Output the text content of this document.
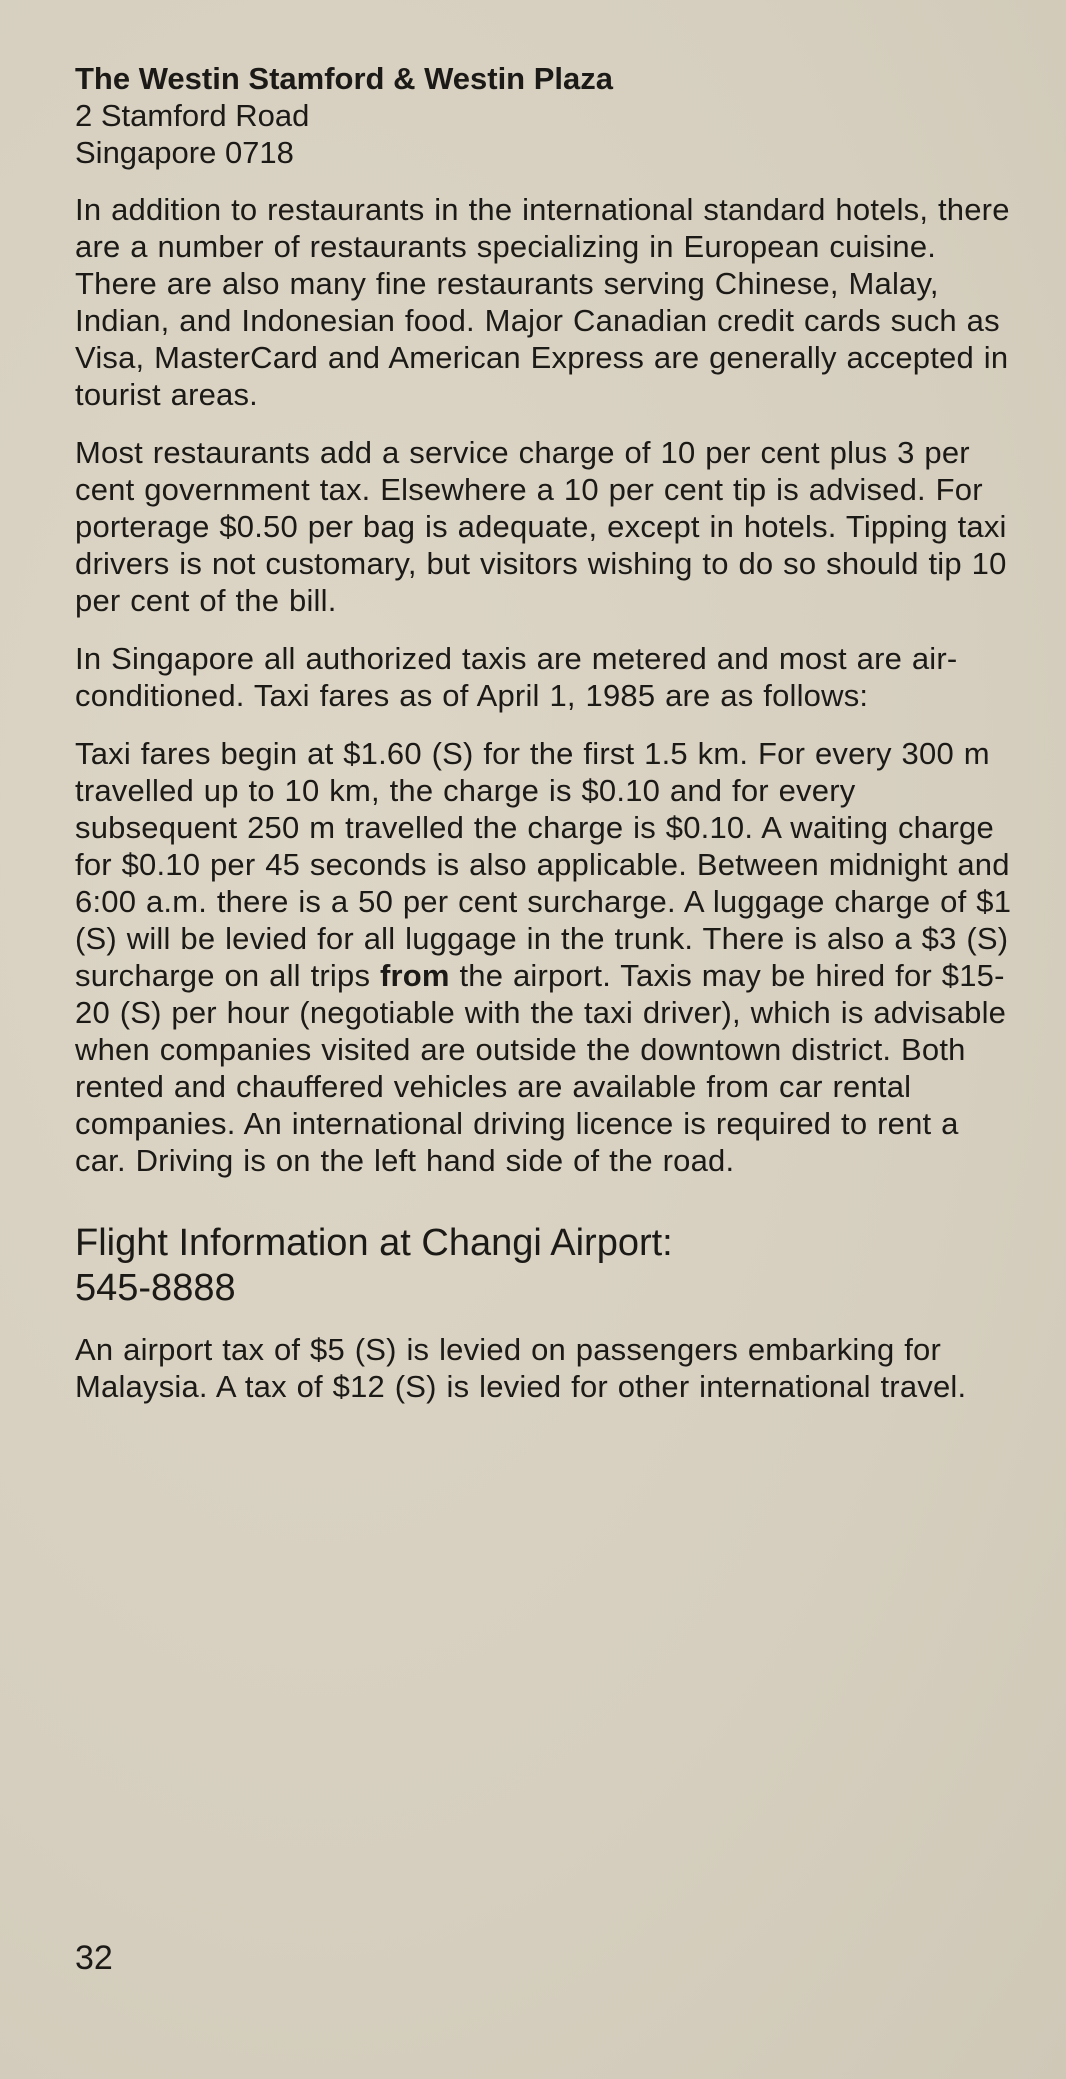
The Westin Stamford & Westin Plaza
2 Stamford Road
Singapore 0718

In addition to restaurants in the international standard hotels, there are a number of restaurants specializing in European cuisine. There are also many fine restaurants serving Chinese, Malay, Indian, and Indonesian food. Major Canadian credit cards such as Visa, MasterCard and American Express are generally accepted in tourist areas.

Most restaurants add a service charge of 10 per cent plus 3 per cent government tax. Elsewhere a 10 per cent tip is advised. For porterage $0.50 per bag is adequate, except in hotels. Tipping taxi drivers is not customary, but visitors wishing to do so should tip 10 per cent of the bill.

In Singapore all authorized taxis are metered and most are air-conditioned. Taxi fares as of April 1, 1985 are as follows:

Taxi fares begin at $1.60 (S) for the first 1.5 km. For every 300 m travelled up to 10 km, the charge is $0.10 and for every subsequent 250 m travelled the charge is $0.10. A waiting charge for $0.10 per 45 seconds is also applicable. Between midnight and 6:00 a.m. there is a 50 per cent surcharge. A luggage charge of $1 (S) will be levied for all luggage in the trunk. There is also a $3 (S) surcharge on all trips from the airport. Taxis may be hired for $15-20 (S) per hour (negotiable with the taxi driver), which is advisable when companies visited are outside the downtown district. Both rented and chauffered vehicles are available from car rental companies. An international driving licence is required to rent a car. Driving is on the left hand side of the road.

Flight Information at Changi Airport:
545-8888

An airport tax of $5 (S) is levied on passengers embarking for Malaysia. A tax of $12 (S) is levied for other international travel.

32
